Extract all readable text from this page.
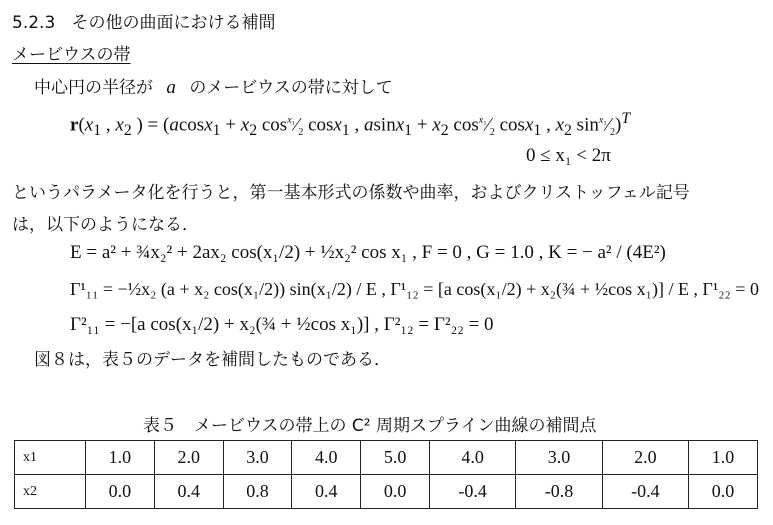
5.2.3 その他の曲面における補間
メービウスの帯
中心円の半径が a のメービウスの帯に対して
$r(x_1$ , $x_2$ ) = ($acosx_1 + x_2$ $\cos^{x_1}⁄_2$ cosx$_1$ , $asinx_1 + x_2$ $\cos^{x_1}⁄_2$ cosx$_1$ , $x_2$ $\sin^{x_1}⁄_2)^T$
0 ≤ x₁ < 2π
というパラメータ化を行うと，第一基本形式の係数や曲率，およびクリストッフェル記号
は，以下のようになる．
E = a² + ¾x₂² + 2ax₂ cos(x₁/2) + ½x₂² cos x₁ , F = 0 , G = 1.0 , K = − a² / (4E²)
Γ¹₁₁ = −½x₂ (a + x₂ cos(x₁/2)) sin(x₁/2) / E , Γ¹₁₂ = [a cos(x₁/2) + x₂(¾ + ½cos x₁)] / E , Γ¹₂₂ = 0
Γ²₁₁ = −[a cos(x₁/2) + x₂(¾ + ½cos x₁)] , Γ²₁₂ = Γ²₂₂ = 0
図８は，表５のデータを補間したものである．
表５　メービウスの帯上の C² 周期スプライン曲線の補間点
x1	1.0	2.0	3.0	4.0	5.0	4.0	3.0	2.0	1.0
x2	0.0	0.4	0.8	0.4	0.0	-0.4	-0.8	-0.4	0.0
